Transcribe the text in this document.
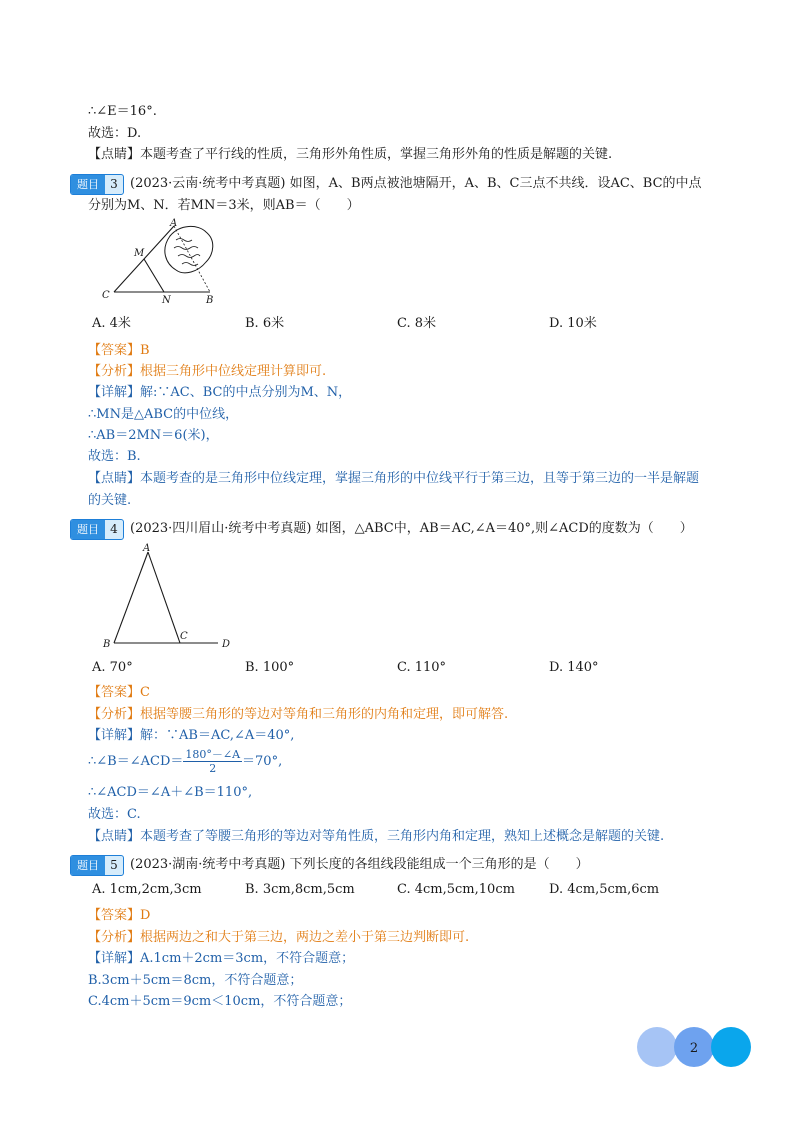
∴∠E＝16°.
故选：D.
【点睛】本题考查了平行线的性质，三角形外角性质，掌握三角形外角的性质是解题的关键.
题目 3 (2023·云南·统考中考真题) 如图，A、B两点被池塘隔开，A、B、C三点不共线．设AC、BC的中点
分别为M、N．若MN＝3米，则AB＝（　　）
A
M
C	N	B
A. 4米	B. 6米	C. 8米	D. 10米
【答案】B
【分析】根据三角形中位线定理计算即可.
【详解】解:∵AC、BC的中点分别为M、N，
∴MN是△ABC的中位线，
∴AB＝2MN＝6(米)，
故选：B.
【点睛】本题考查的是三角形中位线定理，掌握三角形的中位线平行于第三边，且等于第三边的一半是解题
的关键.
题目 4 (2023·四川眉山·统考中考真题) 如图，△ABC中，AB＝AC,∠A＝40°,则∠ACD的度数为（　　）
A
B
C
D
A. 70°	B. 100°	C. 110°	D. 140°
【答案】C
【分析】根据等腰三角形的等边对等角和三角形的内角和定理，即可解答.
【详解】解：∵AB＝AC,∠A＝40°,
∴∠B＝∠ACD＝ $\frac{180^\circ-\angle A}{2} =70^\circ$,
∴∠ACD＝∠A＋∠B＝110°,
故选：C.
【点睛】本题考查了等腰三角形的等边对等角性质，三角形内角和定理，熟知上述概念是解题的关键.
题目 5 (2023·湖南·统考中考真题) 下列长度的各组线段能组成一个三角形的是（　　）
A. 1cm,2cm,3cm	B. 3cm,8cm,5cm	C. 4cm,5cm,10cm	D. 4cm,5cm,6cm
【答案】D
【分析】根据两边之和大于第三边，两边之差小于第三边判断即可.
【详解】A.1cm＋2cm＝3cm，不符合题意；
B.3cm＋5cm＝8cm，不符合题意；
C.4cm＋5cm＝9cm＜10cm，不符合题意；
2
